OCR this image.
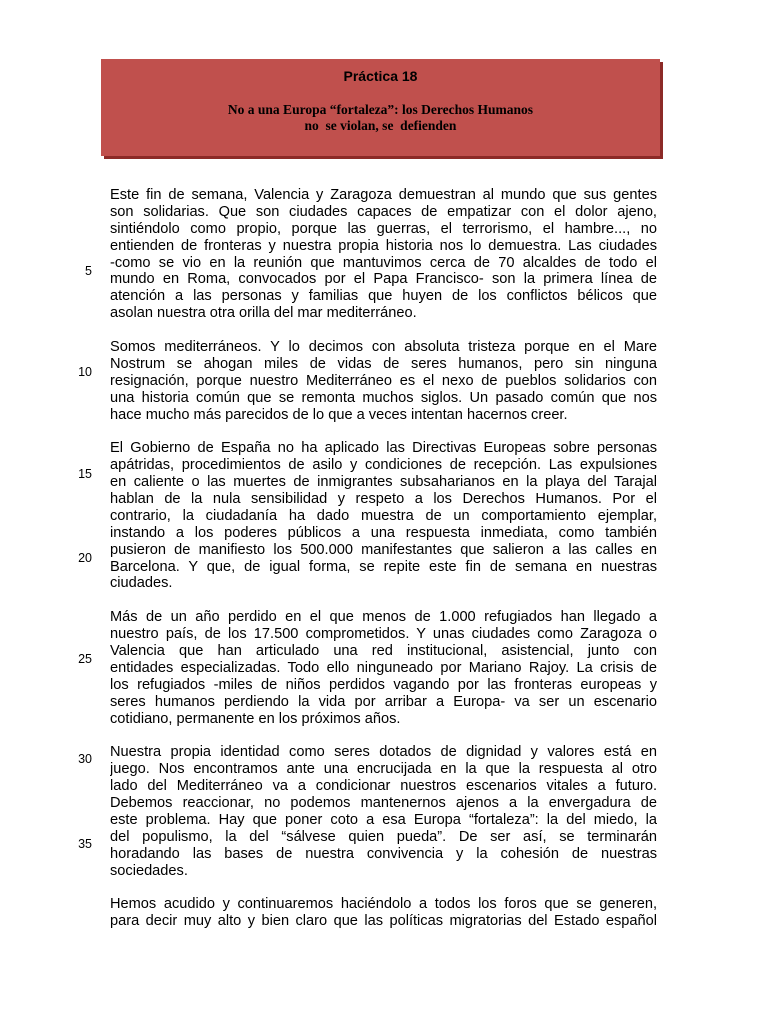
Práctica 18
No a una Europa “fortaleza”: los Derechos Humanos
no  se violan, se  defienden
5
10
15
20
25
30
35
Este fin de semana, Valencia y Zaragoza demuestran al mundo que sus gentes
son solidarias. Que son ciudades capaces de empatizar con el dolor ajeno,
sintiéndolo como propio, porque las guerras, el terrorismo, el hambre..., no
entienden de fronteras y nuestra propia historia nos lo demuestra. Las ciudades
-como se vio en la reunión que mantuvimos cerca de 70 alcaldes de todo el
mundo en Roma, convocados por el Papa Francisco- son la primera línea de
atención a las personas y familias que huyen de los conflictos bélicos que
asolan nuestra otra orilla del mar mediterráneo.
Somos mediterráneos. Y lo decimos con absoluta tristeza porque en el Mare
Nostrum se ahogan miles de vidas de seres humanos, pero sin ninguna
resignación, porque nuestro Mediterráneo es el nexo de pueblos solidarios con
una historia común que se remonta muchos siglos. Un pasado común que nos
hace mucho más parecidos de lo que a veces intentan hacernos creer.
El Gobierno de España no ha aplicado las Directivas Europeas sobre personas
apátridas, procedimientos de asilo y condiciones de recepción. Las expulsiones
en caliente o las muertes de inmigrantes subsaharianos en la playa del Tarajal
hablan de la nula sensibilidad y respeto a los Derechos Humanos. Por el
contrario, la ciudadanía ha dado muestra de un comportamiento ejemplar,
instando a los poderes públicos a una respuesta inmediata, como también
pusieron de manifiesto los 500.000 manifestantes que salieron a las calles en
Barcelona. Y que, de igual forma, se repite este fin de semana en nuestras
ciudades.
Más de un año perdido en el que menos de 1.000 refugiados han llegado a
nuestro país, de los 17.500 comprometidos. Y unas ciudades como Zaragoza o
Valencia que han articulado una red institucional, asistencial, junto con
entidades especializadas. Todo ello ninguneado por Mariano Rajoy. La crisis de
los refugiados -miles de niños perdidos vagando por las fronteras europeas y
seres humanos perdiendo la vida por arribar a Europa- va ser un escenario
cotidiano, permanente en los próximos años.
Nuestra propia identidad como seres dotados de dignidad y valores está en
juego. Nos encontramos ante una encrucijada en la que la respuesta al otro
lado del Mediterráneo va a condicionar nuestros escenarios vitales a futuro.
Debemos reaccionar, no podemos mantenernos ajenos a la envergadura de
este problema. Hay que poner coto a esa Europa “fortaleza”: la del miedo, la
del populismo, la del “sálvese quien pueda”. De ser así, se terminarán
horadando las bases de nuestra convivencia y la cohesión de nuestras
sociedades.
Hemos acudido y continuaremos haciéndolo a todos los foros que se generen,
para decir muy alto y bien claro que las políticas migratorias del Estado español
